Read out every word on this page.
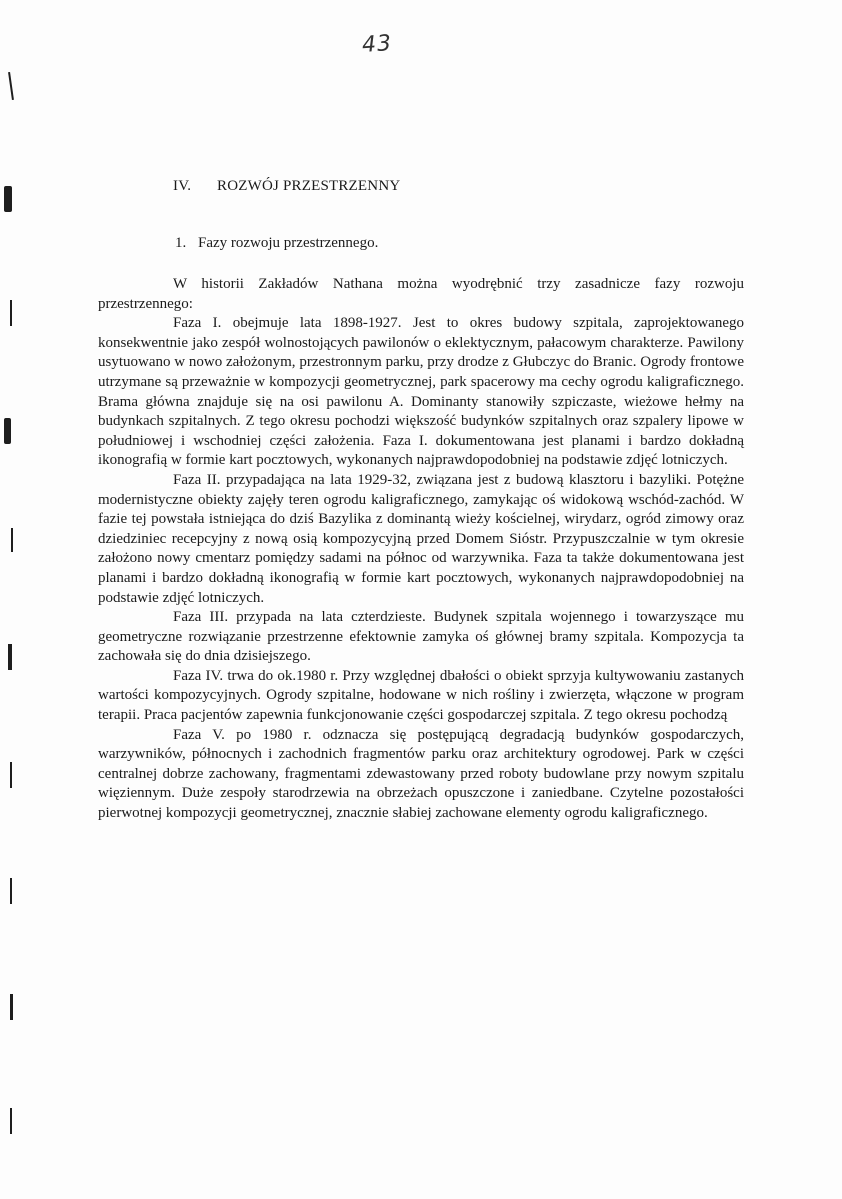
43
IV. ROZWÓJ PRZESTRZENNY
1. Fazy rozwoju przestrzennego.

W historii Zakładów Nathana można wyodrębnić trzy zasadnicze fazy rozwoju przestrzennego:

Faza I. obejmuje lata 1898-1927. Jest to okres budowy szpitala, zaprojektowanego konsekwentnie jako zespół wolnostojących pawilonów o eklektycznym, pałacowym charakterze. Pawilony usytuowano w nowo założonym, przestronnym parku, przy drodze z Głubczyc do Branic. Ogrody frontowe utrzymane są przeważnie w kompozycji geometrycznej, park spacerowy ma cechy ogrodu kaligraficznego. Brama główna znajduje się na osi pawilonu A. Dominanty stanowiły szpiczaste, wieżowe hełmy na budynkach szpitalnych. Z tego okresu pochodzi większość budynków szpitalnych oraz szpalery lipowe w południowej i wschodniej części założenia. Faza I. dokumentowana jest planami i bardzo dokładną ikonografią w formie kart pocztowych, wykonanych najprawdopodobniej na podstawie zdjęć lotniczych.

Faza II. przypadająca na lata 1929-32, związana jest z budową klasztoru i bazyliki. Potężne modernistyczne obiekty zajęły teren ogrodu kaligraficznego, zamykając oś widokową wschód-zachód. W fazie tej powstała istniejąca do dziś Bazylika z dominantą wieży kościelnej, wirydarz, ogród zimowy oraz dziedziniec recepcyjny z nową osią kompozycyjną przed Domem Sióstr. Przypuszczalnie w tym okresie założono nowy cmentarz pomiędzy sadami na północ od warzywnika. Faza ta także dokumentowana jest planami i bardzo dokładną ikonografią w formie kart pocztowych, wykonanych najprawdopodobniej na podstawie zdjęć lotniczych.

Faza III. przypada na lata czterdzieste. Budynek szpitala wojennego i towarzyszące mu geometryczne rozwiązanie przestrzenne efektownie zamyka oś głównej bramy szpitala. Kompozycja ta zachowała się do dnia dzisiejszego.

Faza IV. trwa do ok.1980 r. Przy względnej dbałości o obiekt sprzyja kultywowaniu zastanych wartości kompozycyjnych. Ogrody szpitalne, hodowane w nich rośliny i zwierzęta, włączone w program terapii. Praca pacjentów zapewnia funkcjonowanie części gospodarczej szpitala. Z tego okresu pochodzą

Faza V. po 1980 r. odznacza się postępującą degradacją budynków gospodarczych, warzywników, północnych i zachodnich fragmentów parku oraz architektury ogrodowej. Park w części centralnej dobrze zachowany, fragmentami zdewastowany przed roboty budowlane przy nowym szpitalu więziennym. Duże zespoły starodrzewia na obrzeżach opuszczone i zaniedbane. Czytelne pozostałości pierwotnej kompozycji geometrycznej, znacznie słabiej zachowane elementy ogrodu kaligraficznego.
